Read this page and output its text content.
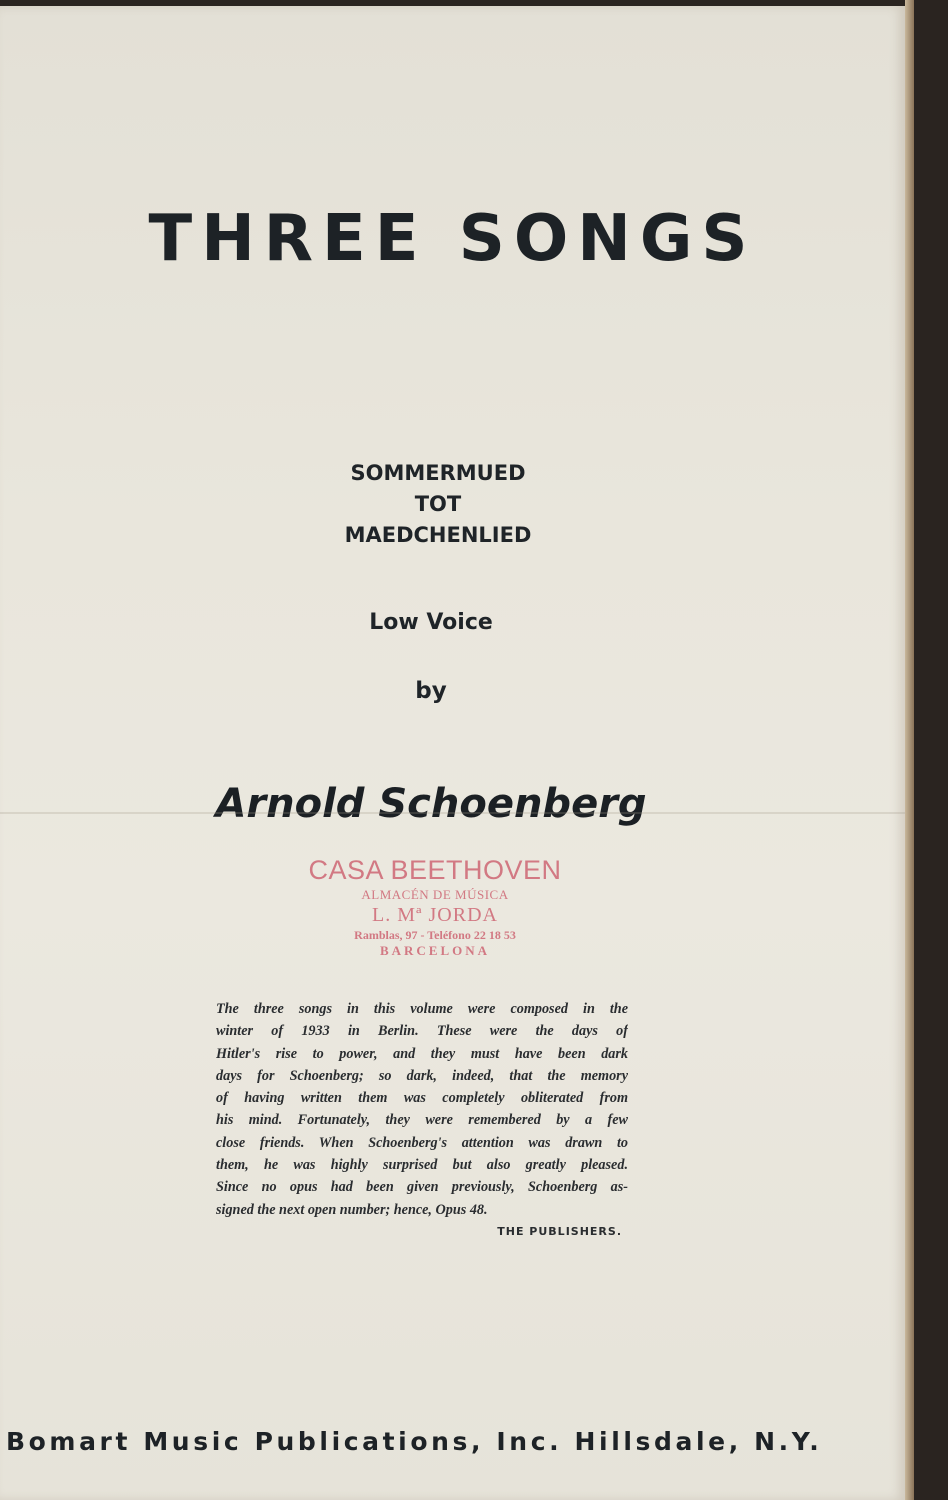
THREE SONGS
SOMMERMUED
TOT
MAEDCHENLIED
Low Voice
by
Arnold Schoenberg
CASA BEETHOVEN
ALMACÉN DE MÚSICA
L. Mª JORDA
Ramblas, 97 - Teléfono 22 18 53
BARCELONA
The three songs in this volume were composed in the
winter of 1933 in Berlin. These were the days of
Hitler's rise to power, and they must have been dark
days for Schoenberg; so dark, indeed, that the memory
of having written them was completely obliterated from
his mind. Fortunately, they were remembered by a few
close friends. When Schoenberg's attention was drawn to
them, he was highly surprised but also greatly pleased.
Since no opus had been given previously, Schoenberg as-
signed the next open number; hence, Opus 48.
THE PUBLISHERS.
Bomart Music Publications, Inc. Hillsdale, N.Y.
